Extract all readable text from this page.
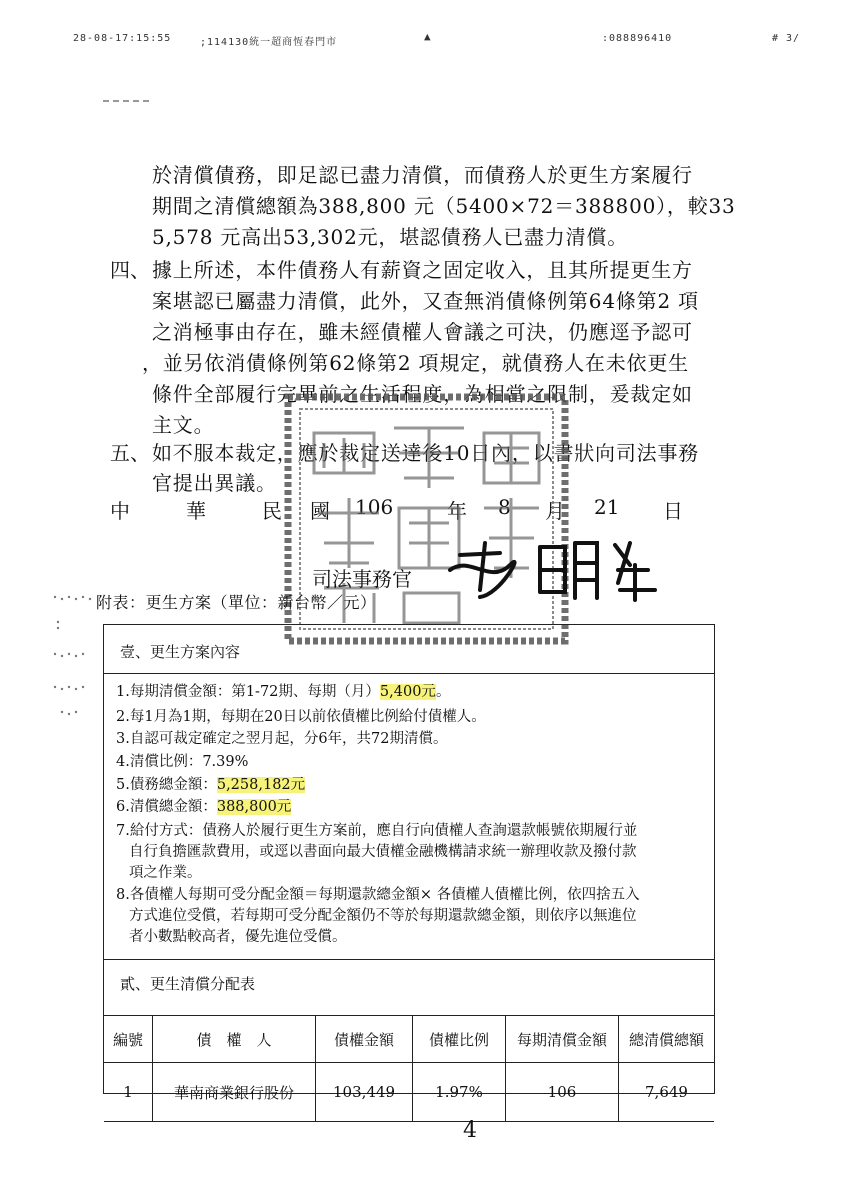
28-08-17:15:55	;114130統一超商恆春門市	▲	:088896410	# 3/
於清償債務，即足認已盡力清償，而債務人於更生方案履行
期間之清償總額為388,800 元（5400×72＝388800），較33
5,578 元高出53,302元，堪認債務人已盡力清償。
四、 據上所述，本件債務人有薪資之固定收入，且其所提更生方
案堪認已屬盡力清償，此外，又查無消債條例第64條第2 項
之消極事由存在，雖未經債權人會議之可決，仍應逕予認可
，並另依消債條例第62條第2 項規定，就債務人在未依更生
條件全部履行完畢前之生活程度，為相當之限制，爰裁定如
主文。
五、 如不服本裁定，應於裁定送達後10日內，以書狀向司法事務
官提出異議。
中	華	民 國 106	年 8 月 21 日
司法事務官
附表：更生方案（單位：新台幣／元）
壹、更生方案內容
1.每期清償金額：第1-72期、每期（月）5,400元。
2.每1月為1期，每期在20日以前依債權比例給付債權人。
3.自認可裁定確定之翌月起，分6年，共72期清償。
4.清償比例：7.39%
5.債務總金額：5,258,182元
6.清償總金額：388,800元
7.給付方式：債務人於履行更生方案前，應自行向債權人查詢還款帳號依期履行並
自行負擔匯款費用，或逕以書面向最大債權金融機構請求統一辦理收款及撥付款
項之作業。
8.各債權人每期可受分配金額＝每期還款總金額× 各債權人債權比例，依四捨五入
方式進位受償，若每期可受分配金額仍不等於每期還款總金額，則依序以無進位
者小數點較高者，優先進位受償。
貳、更生清償分配表
編號	債　權　人	債權金額	債權比例	每期清償金額	總清償總額
1	華南商業銀行股份	103,449	1.97%	106	7,649
4
